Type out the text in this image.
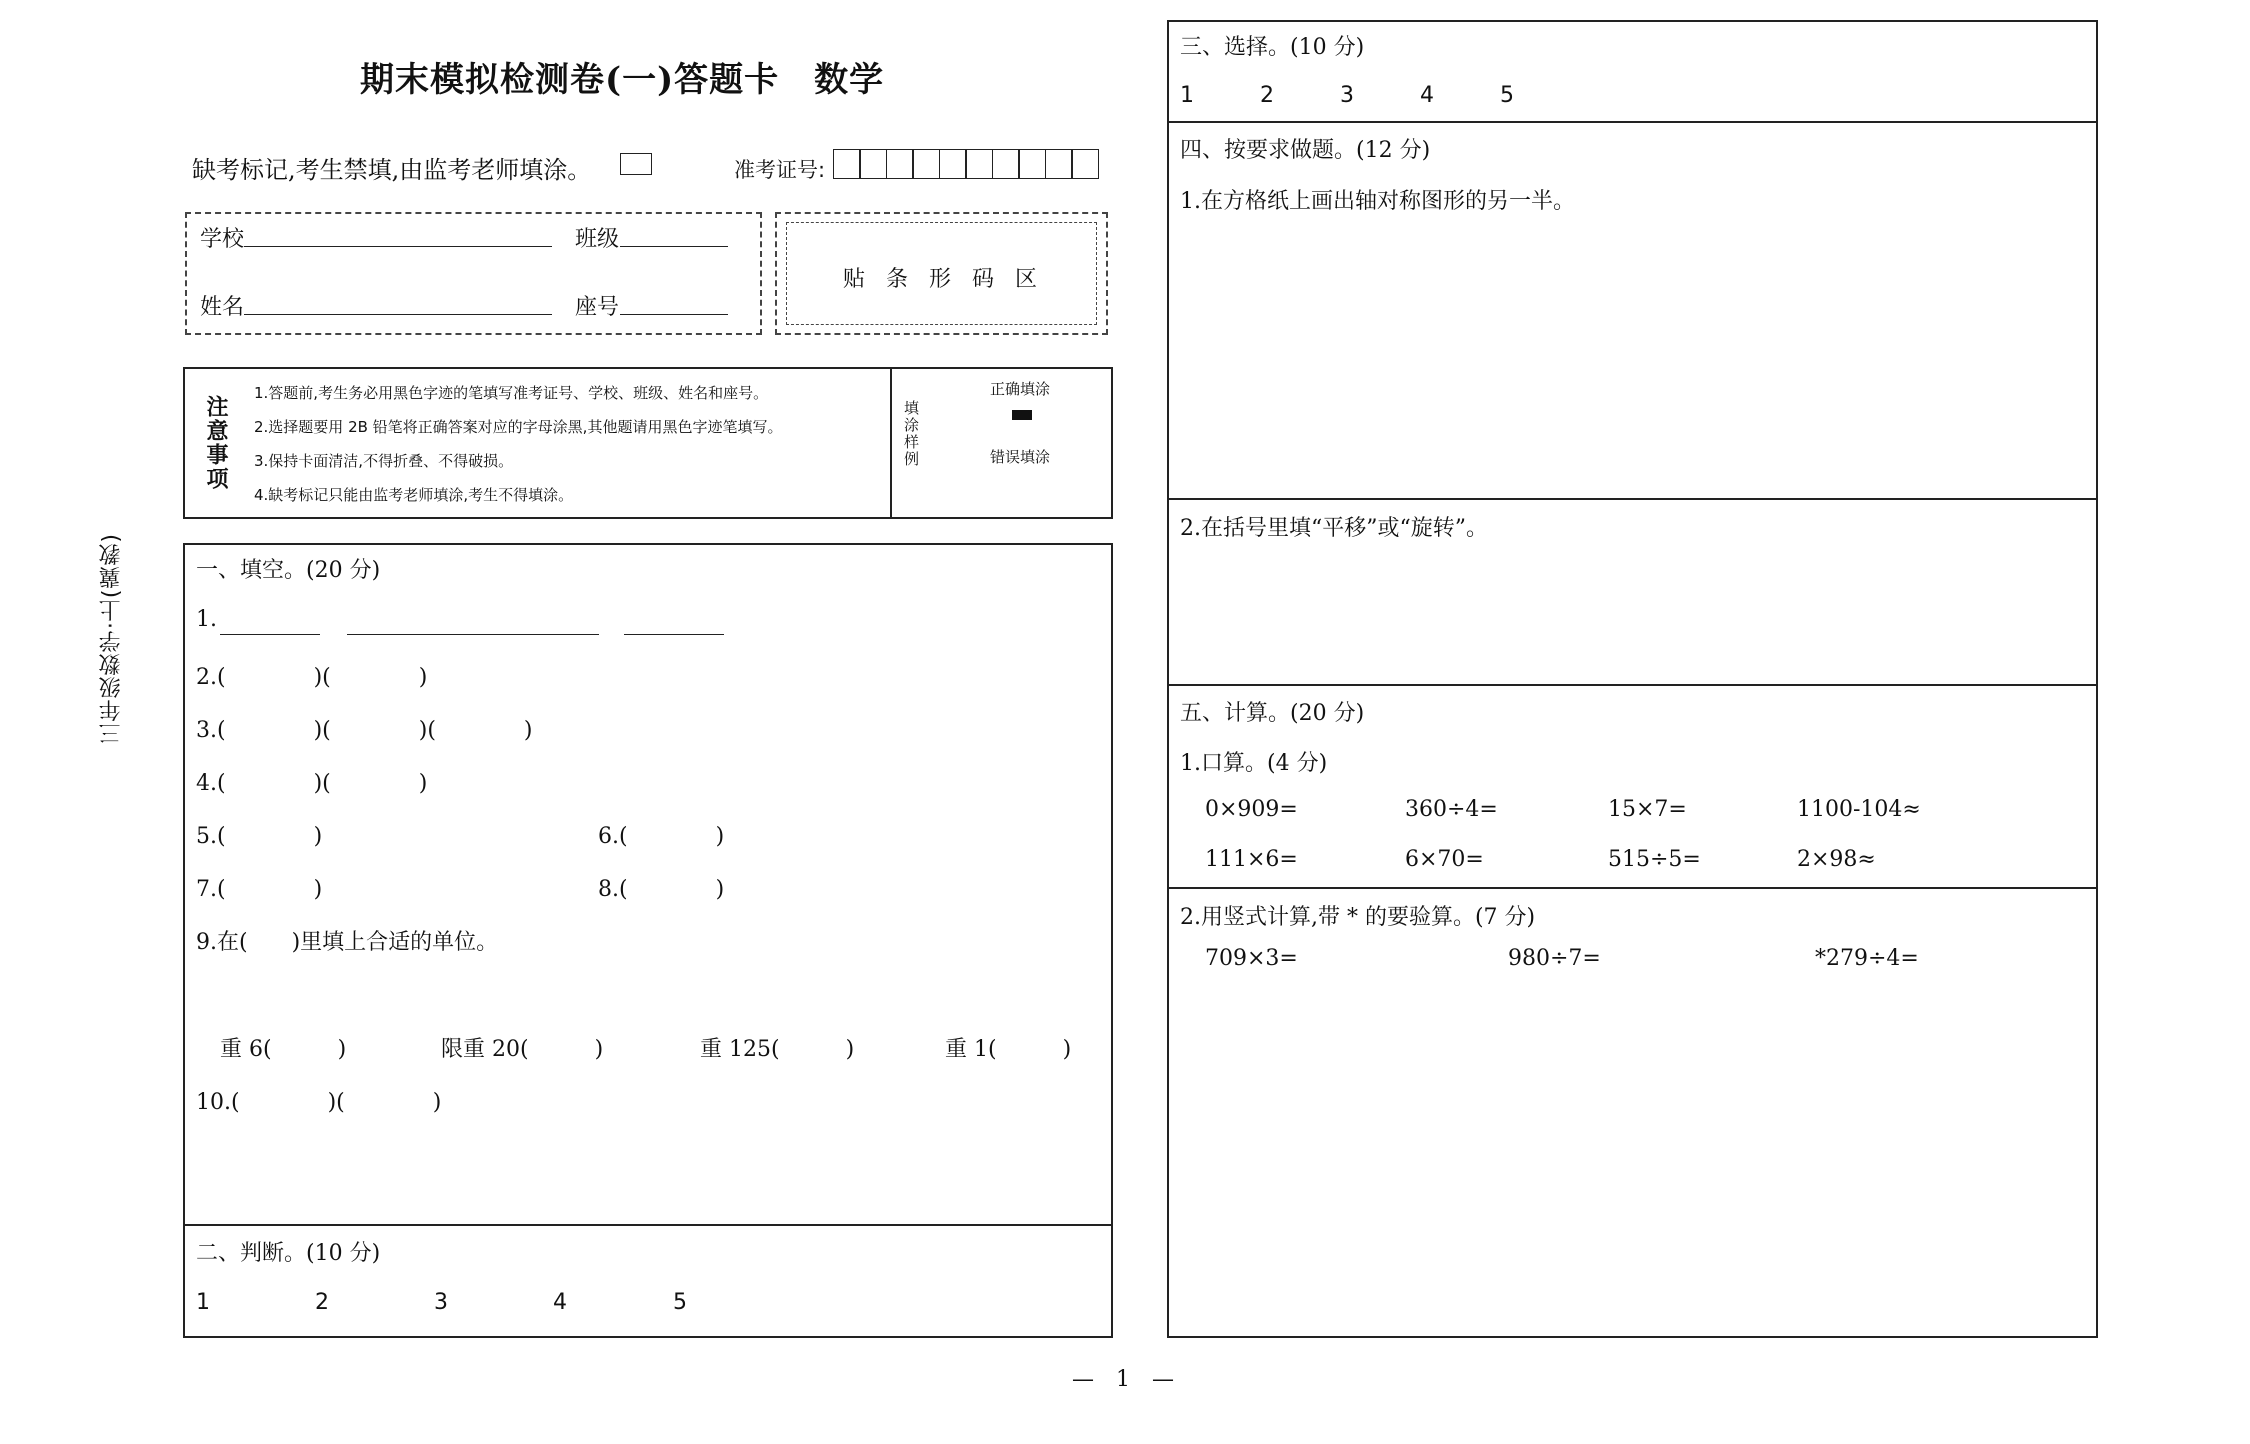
期末模拟检测卷(一)答题卡　数学
缺考标记,考生禁填,由监考老师填涂。	准考证号:
学校	班级
姓名	座号
贴 条 形 码 区
注意事项
1.答题前,考生务必用黑色字迹的笔填写准考证号、学校、班级、姓名和座号。
2.选择题要用 2B 铅笔将正确答案对应的字母涂黑,其他题请用黑色字迹笔填写。
3.保持卡面清洁,不得折叠、不得破损。
4.缺考标记只能由监考老师填涂,考生不得填涂。
填涂样例
正确填涂
错误填涂
三年级数学·上(冀教)	一、填空。(20 分)
1.
2.(　　　　)(　　　　)
3.(　　　　)(　　　　)(　　　　)
4.(　　　　)(　　　　)
5.(　　　　)	6.(　　　　)
7.(　　　　)	8.(　　　　)
9.在(　　)里填上合适的单位。
重 6(　　　)	限重 20(　　　)	重 125(　　　)	重 1(　　　)
10.(　　　　)(　　　　)
二、判断。(10 分)
1	2	3	4	5
三、选择。(10 分)
1	2	3	4	5
四、按要求做题。(12 分)
1.在方格纸上画出轴对称图形的另一半。
2.在括号里填“平移”或“旋转”。
五、计算。(20 分)
1.口算。(4 分)
0×909=	360÷4=	15×7=	1100-104≈
111×6=	6×70=	515÷5=	2×98≈
2.用竖式计算,带 * 的要验算。(7 分)
709×3=	980÷7=	*279÷4=
—　1　—
